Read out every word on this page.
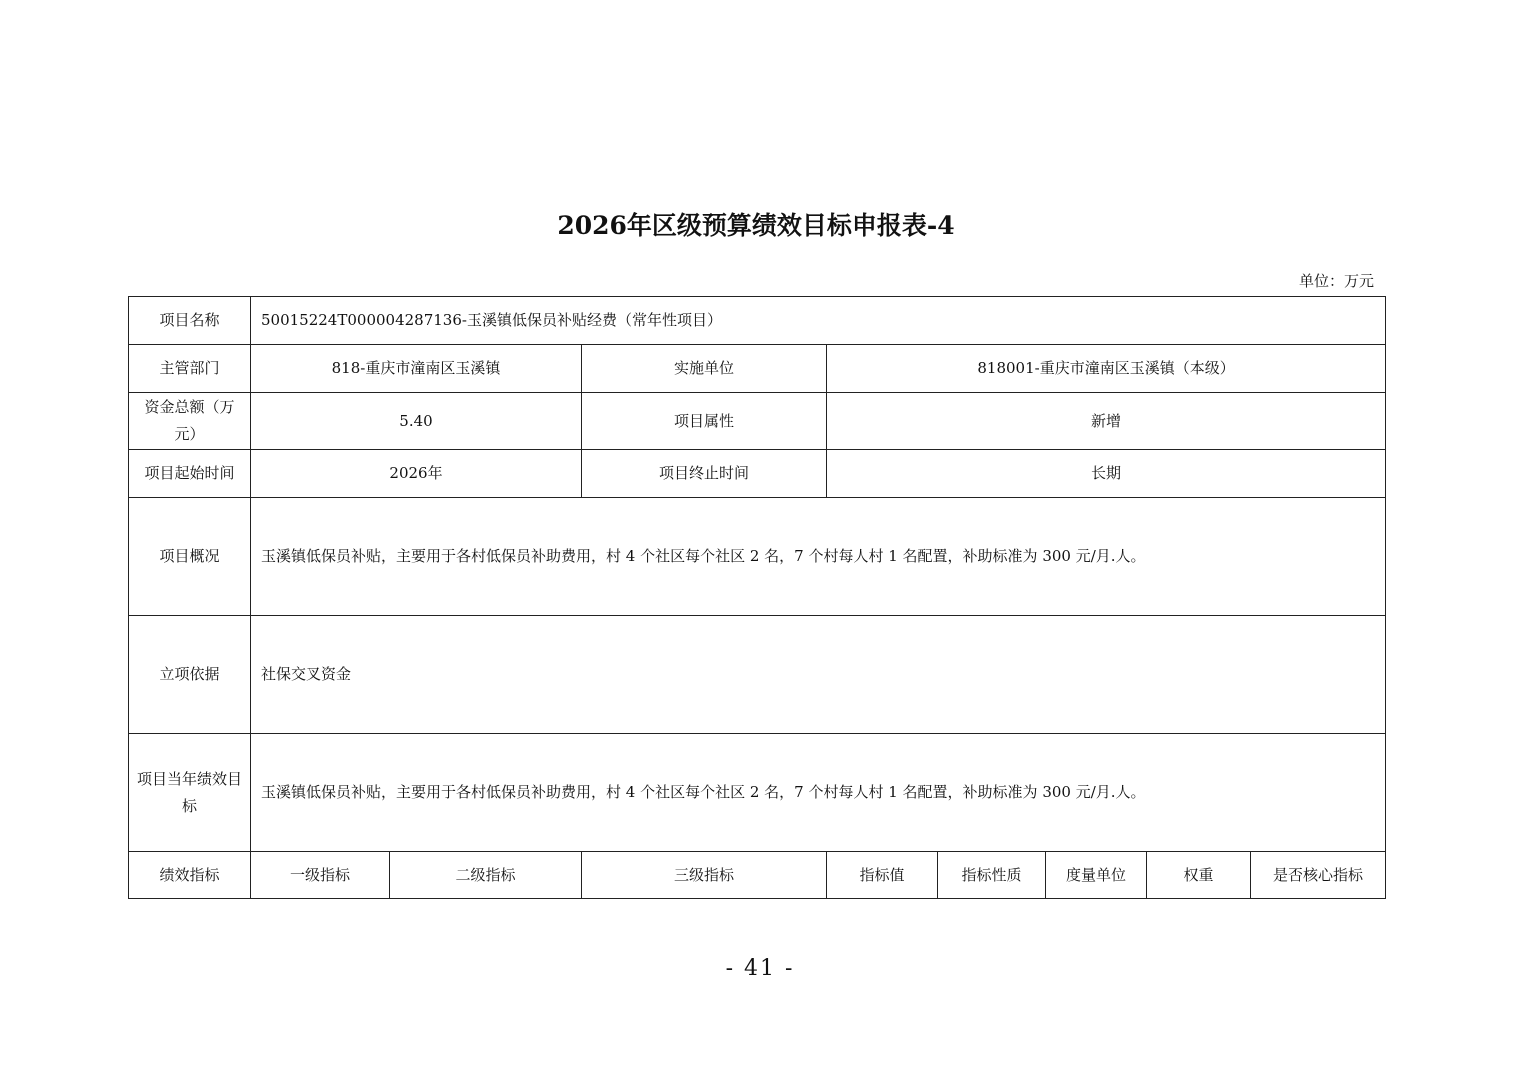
2026年区级预算绩效目标申报表-4
单位：万元
项目名称	50015224T000004287136-玉溪镇低保员补贴经费（常年性项目）							
主管部门	818-重庆市潼南区玉溪镇		实施单位	818001-重庆市潼南区玉溪镇（本级）				
资金总额（万元）	5.40		项目属性	新增				
项目起始时间	2026年		项目终止时间	长期				
项目概况	玉溪镇低保员补贴，主要用于各村低保员补助费用，村 4 个社区每个社区 2 名，7 个村每人村 1 名配置，补助标准为 300 元/月.人。							
立项依据	社保交叉资金							
项目当年绩效目标	玉溪镇低保员补贴，主要用于各村低保员补助费用，村 4 个社区每个社区 2 名，7 个村每人村 1 名配置，补助标准为 300 元/月.人。							
绩效指标	一级指标	二级指标	三级指标	指标值	指标性质	度量单位	权重	是否核心指标
- 41 -
